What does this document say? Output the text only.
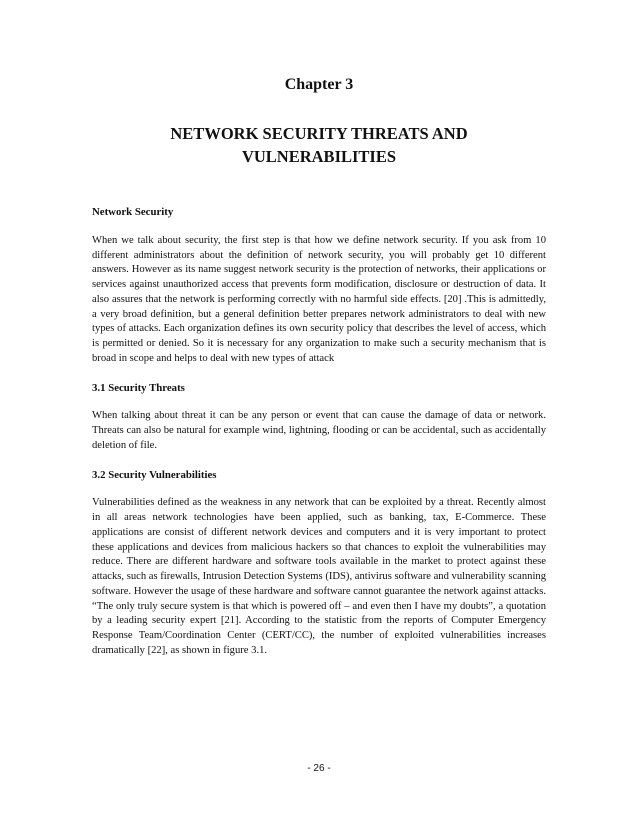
Chapter 3
NETWORK SECURITY THREATS AND VULNERABILITIES
Network Security

When we talk about security, the first step is that how we define network security. If you ask from 10 different administrators about the definition of network security, you will probably get 10 different answers. However as its name suggest network security is the protection of networks, their applications or services against unauthorized access that prevents form modification, disclosure or destruction of data. It also assures that the network is performing correctly with no harmful side effects. [20] .This is admittedly, a very broad definition, but a general definition better prepares network administrators to deal with new types of attacks. Each organization defines its own security policy that describes the level of access, which is permitted or denied. So it is necessary for any organization to make such a security mechanism that is broad in scope and helps to deal with new types of attack

3.1 Security Threats

When talking about threat it can be any person or event that can cause the damage of data or network. Threats can also be natural for example wind, lightning, flooding or can be accidental, such as accidentally deletion of file.

3.2 Security Vulnerabilities

Vulnerabilities defined as the weakness in any network that can be exploited by a threat. Recently almost in all areas network technologies have been applied, such as banking, tax, E-Commerce. These applications are consist of different network devices and computers and it is very important to protect these applications and devices from malicious hackers so that chances to exploit the vulnerabilities may reduce. There are different hardware and software tools available in the market to protect against these attacks, such as firewalls, Intrusion Detection Systems (IDS), antivirus software and vulnerability scanning software. However the usage of these hardware and software cannot guarantee the network against attacks. “The only truly secure system is that which is powered off – and even then I have my doubts”, a quotation by a leading security expert [21]. According to the statistic from the reports of Computer Emergency Response Team/Coordination Center (CERT/CC), the number of exploited vulnerabilities increases dramatically [22], as shown in figure 3.1.

- 26 -
